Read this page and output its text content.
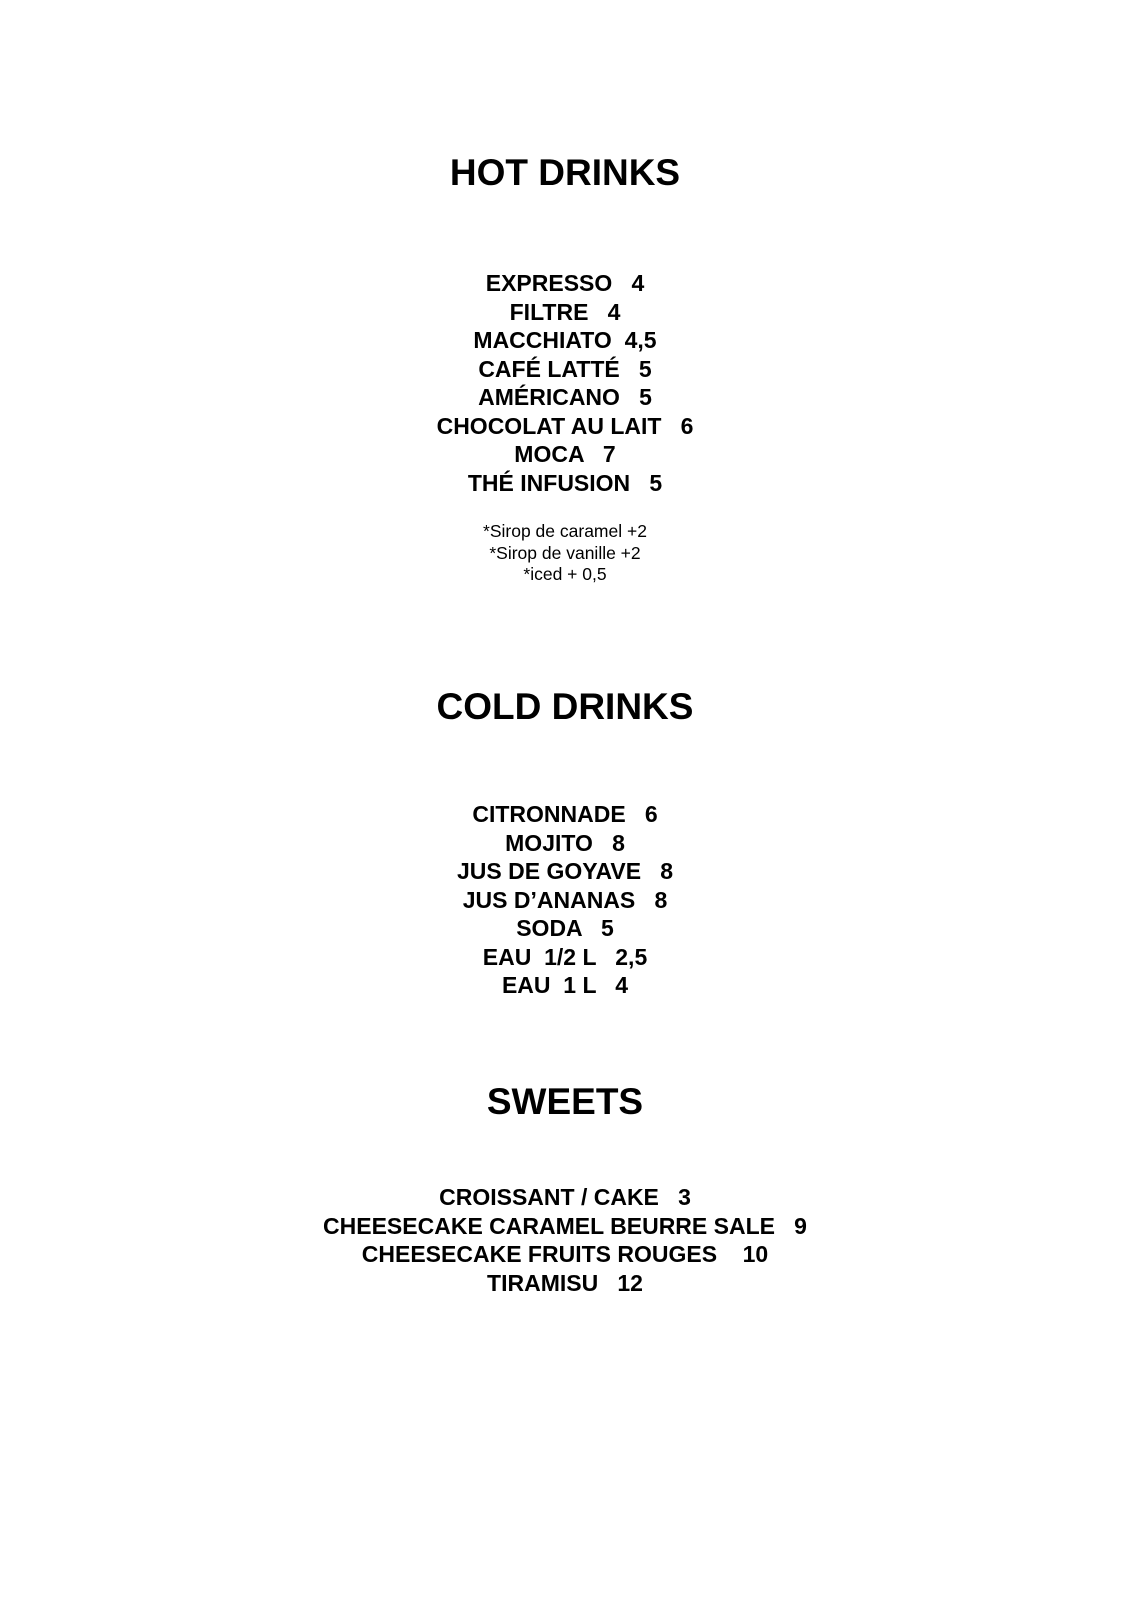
HOT DRINKS
EXPRESSO   4
FILTRE   4
MACCHIATO  4,5
CAFÉ LATTÉ   5
AMÉRICANO   5
CHOCOLAT AU LAIT   6
MOCA   7
THÉ INFUSION   5
*Sirop de caramel +2
*Sirop de vanille +2
*iced + 0,5
COLD DRINKS
CITRONNADE   6
MOJITO   8
JUS DE GOYAVE   8
JUS D’ANANAS   8
SODA   5
EAU  1/2 L   2,5
EAU  1 L   4
SWEETS
CROISSANT / CAKE   3
CHEESECAKE CARAMEL BEURRE SALE   9
CHEESECAKE FRUITS ROUGES    10
TIRAMISU   12
